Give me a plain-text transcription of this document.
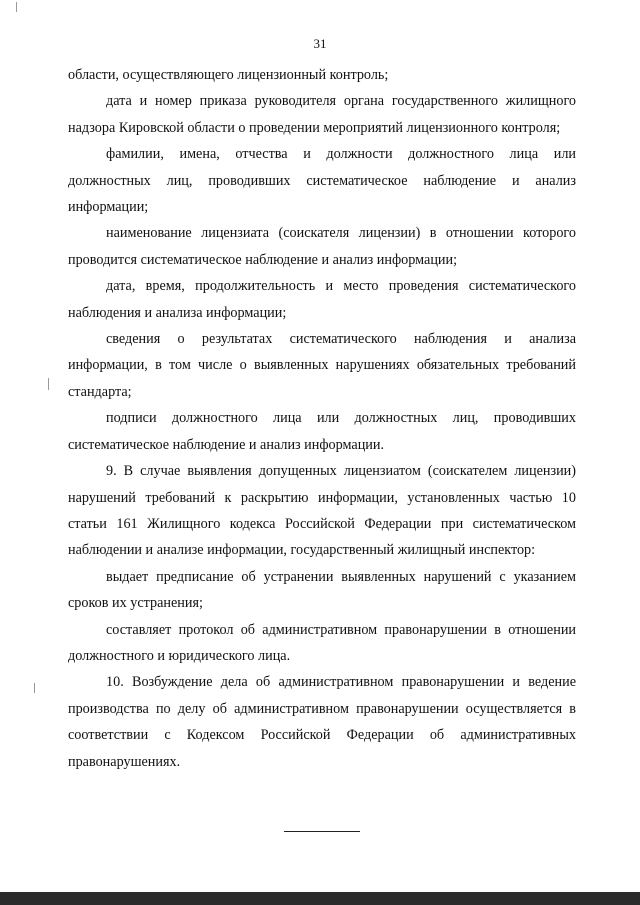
31

области, осуществляющего лицензионный контроль;

дата и номер приказа руководителя органа государственного жилищного надзора Кировской области о проведении мероприятий лицензионного контроля;

фамилии, имена, отчества и должности должностного лица или должностных лиц, проводивших систематическое наблюдение и анализ информации;

наименование лицензиата (соискателя лицензии) в отношении которого проводится систематическое наблюдение и анализ информации;

дата, время, продолжительность и место проведения систематического наблюдения и анализа информации;

сведения о результатах систематического наблюдения и анализа информации, в том числе о выявленных нарушениях обязательных требований стандарта;

подписи должностного лица или должностных лиц, проводивших систематическое наблюдение и анализ информации.

9. В случае выявления допущенных лицензиатом (соискателем лицензии) нарушений требований к раскрытию информации, установленных частью 10 статьи 161 Жилищного кодекса Российской Федерации при систематическом наблюдении и анализе информации, государственный жилищный инспектор:

выдает предписание об устранении выявленных нарушений с указанием сроков их устранения;

составляет протокол об административном правонарушении в отношении должностного и юридического лица.

10. Возбуждение дела об административном правонарушении и ведение производства по делу об административном правонарушении осуществляется в соответствии с Кодексом Российской Федерации об административных правонарушениях.
